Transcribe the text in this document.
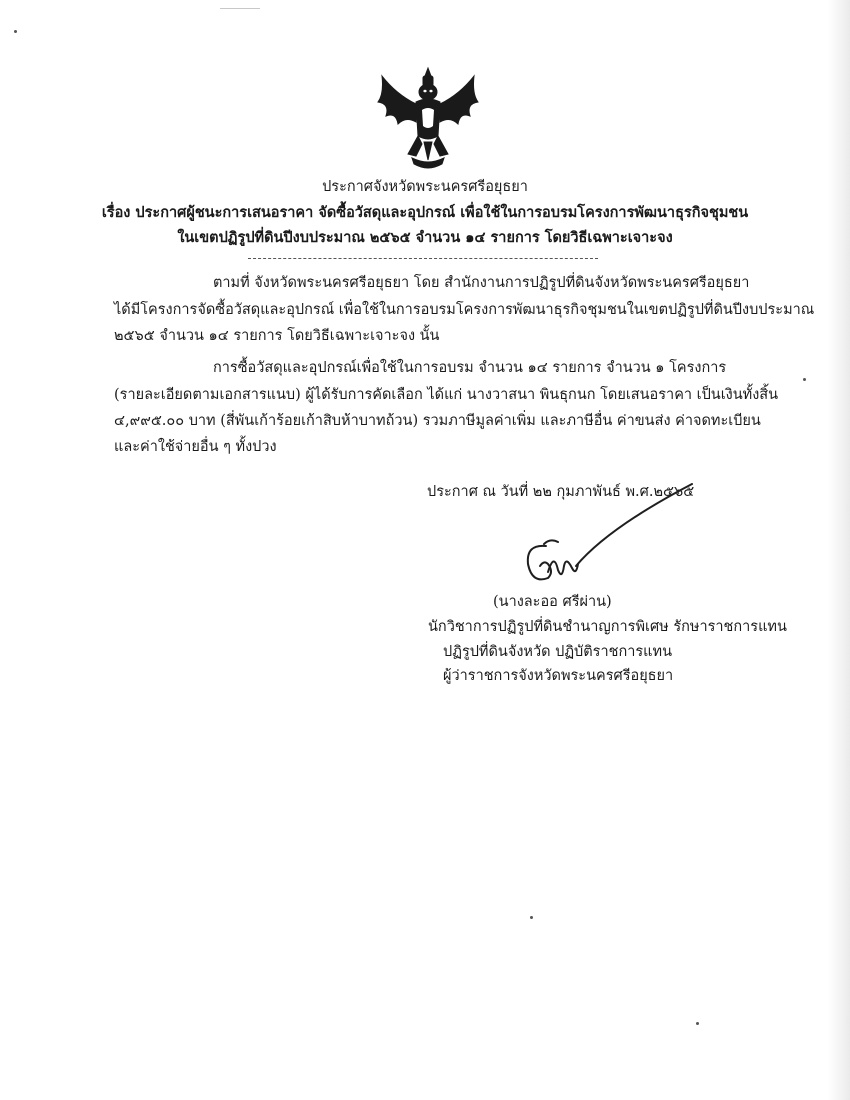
ประกาศจังหวัดพระนครศรีอยุธยา
เรื่อง ประกาศผู้ชนะการเสนอราคา จัดซื้อวัสดุและอุปกรณ์ เพื่อใช้ในการอบรมโครงการพัฒนาธุรกิจชุมชน
ในเขตปฏิรูปที่ดินปีงบประมาณ ๒๕๖๕ จำนวน ๑๔ รายการ โดยวิธีเฉพาะเจาะจง
ตามที่ จังหวัดพระนครศรีอยุธยา โดย สำนักงานการปฏิรูปที่ดินจังหวัดพระนครศรีอยุธยา
ได้มีโครงการจัดซื้อวัสดุและอุปกรณ์ เพื่อใช้ในการอบรมโครงการพัฒนาธุรกิจชุมชนในเขตปฏิรูปที่ดินปีงบประมาณ
๒๕๖๕ จำนวน ๑๔ รายการ โดยวิธีเฉพาะเจาะจง นั้น
การซื้อวัสดุและอุปกรณ์เพื่อใช้ในการอบรม จำนวน ๑๔ รายการ จำนวน ๑ โครงการ
(รายละเอียดตามเอกสารแนบ) ผู้ได้รับการคัดเลือก ได้แก่ นางวาสนา พินธุกนก โดยเสนอราคา เป็นเงินทั้งสิ้น
๔,๙๙๕.๐๐ บาท (สี่พันเก้าร้อยเก้าสิบห้าบาทถ้วน) รวมภาษีมูลค่าเพิ่ม และภาษีอื่น ค่าขนส่ง ค่าจดทะเบียน
และค่าใช้จ่ายอื่น ๆ ทั้งปวง
ประกาศ ณ วันที่ ๒๒ กุมภาพันธ์ พ.ศ.๒๕๖๕
(นางละออ ศรีผ่าน)
นักวิชาการปฏิรูปที่ดินชำนาญการพิเศษ รักษาราชการแทน
ปฏิรูปที่ดินจังหวัด ปฏิบัติราชการแทน
ผู้ว่าราชการจังหวัดพระนครศรีอยุธยา
